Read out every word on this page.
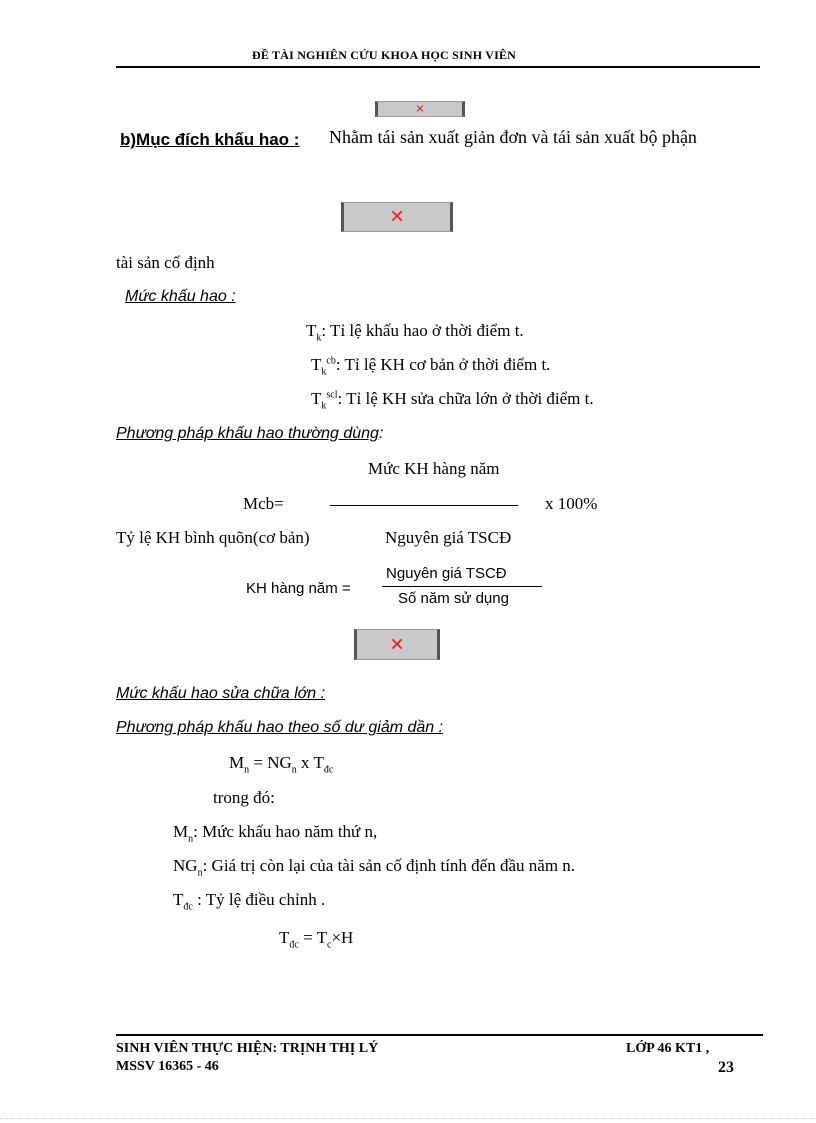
ĐỀ TÀI NGHIÊN CỨU KHOA HỌC SINH VIÊN
✕
b)Mục đích khấu hao : Nhằm tái sản xuất giản đơn và tái sản xuất bộ phận
✕
tài sản cố định
Mức khấu hao :
$T_k$: Tỉ lệ khấu hao ở thời điểm t.
$T_k^{cb}$: Tỉ lệ KH cơ bản ở thời điểm t.
$T_k^{scl}$: Tỉ lệ KH sửa chữa lớn ở thời điểm t.
Phương pháp khấu hao thường dùng:
Mức KH hàng năm
Mcb=	x 100%
Tỷ lệ KH bình quõn(cơ bản)	Nguyên giá TSCĐ
KH hàng năm =
Nguyên giá TSCĐ
Số năm sử dụng
✕
Mức khấu hao sửa chữa lớn :
Phương pháp khấu hao theo số dư giảm dần :
$M_n = NG_n$ x $T_{đc}$
trong đó:
$M_n$: Mức khấu hao năm thứ n,
$NG_n$: Giá trị còn lại của tài sản cố định tính đến đầu năm n.
$T_{đc}$ : Tỷ lệ điều chỉnh .
$T_{đc} = T_c\times H$
SINH VIÊN THỰC HIỆN: TRỊNH THỊ LÝ	LỚP 46 KT1 ,
MSSV 16365 - 46	23
